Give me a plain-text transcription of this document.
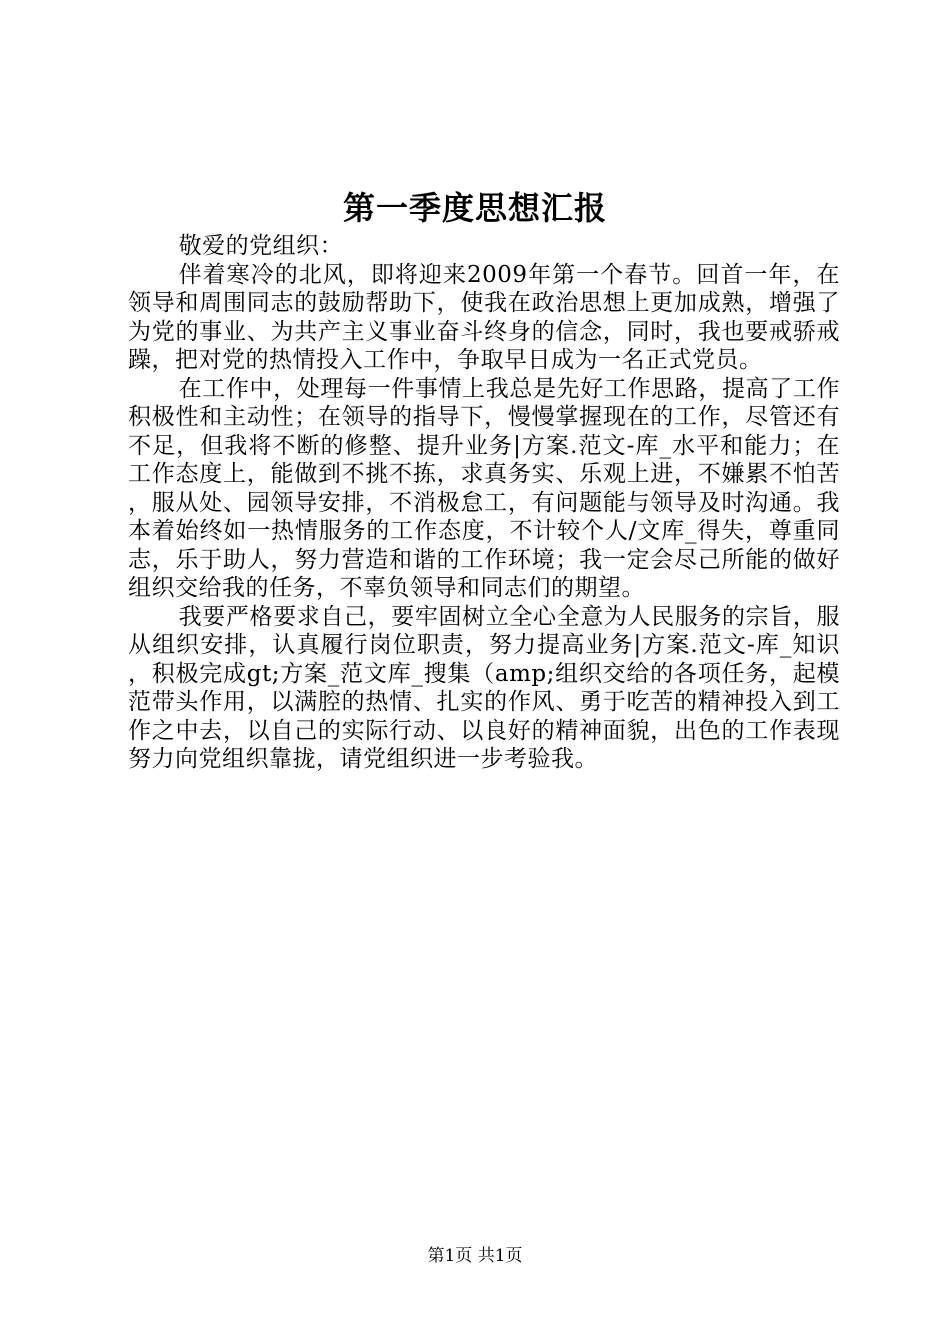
第一季度思想汇报

敬爱的党组织：

伴着寒冷的北风，即将迎来2009年第一个春节。回首一年，在领导和周围同志的鼓励帮助下，使我在政治思想上更加成熟，增强了为党的事业、为共产主义事业奋斗终身的信念，同时，我也要戒骄戒躁，把对党的热情投入工作中，争取早日成为一名正式党员。

在工作中，处理每一件事情上我总是先好工作思路，提高了工作积极性和主动性；在领导的指导下，慢慢掌握现在的工作，尽管还有不足，但我将不断的修整、提升业务|方案.范文-库_水平和能力；在工作态度上，能做到不挑不拣，求真务实、乐观上进，不嫌累不怕苦，服从处、园领导安排，不消极怠工，有问题能与领导及时沟通。我本着始终如一热情服务的工作态度，不计较个人/文库_得失，尊重同志，乐于助人，努力营造和谐的工作环境；我一定会尽己所能的做好组织交给我的任务，不辜负领导和同志们的期望。

我要严格要求自己，要牢固树立全心全意为人民服务的宗旨，服从组织安排，认真履行岗位职责，努力提高业务|方案.范文-库_知识，积极完成gt;方案_范文库_搜集（amp;组织交给的各项任务，起模范带头作用，以满腔的热情、扎实的作风、勇于吃苦的精神投入到工作之中去，以自己的实际行动、以良好的精神面貌，出色的工作表现努力向党组织靠拢，请党组织进一步考验我。

第1页 共1页
